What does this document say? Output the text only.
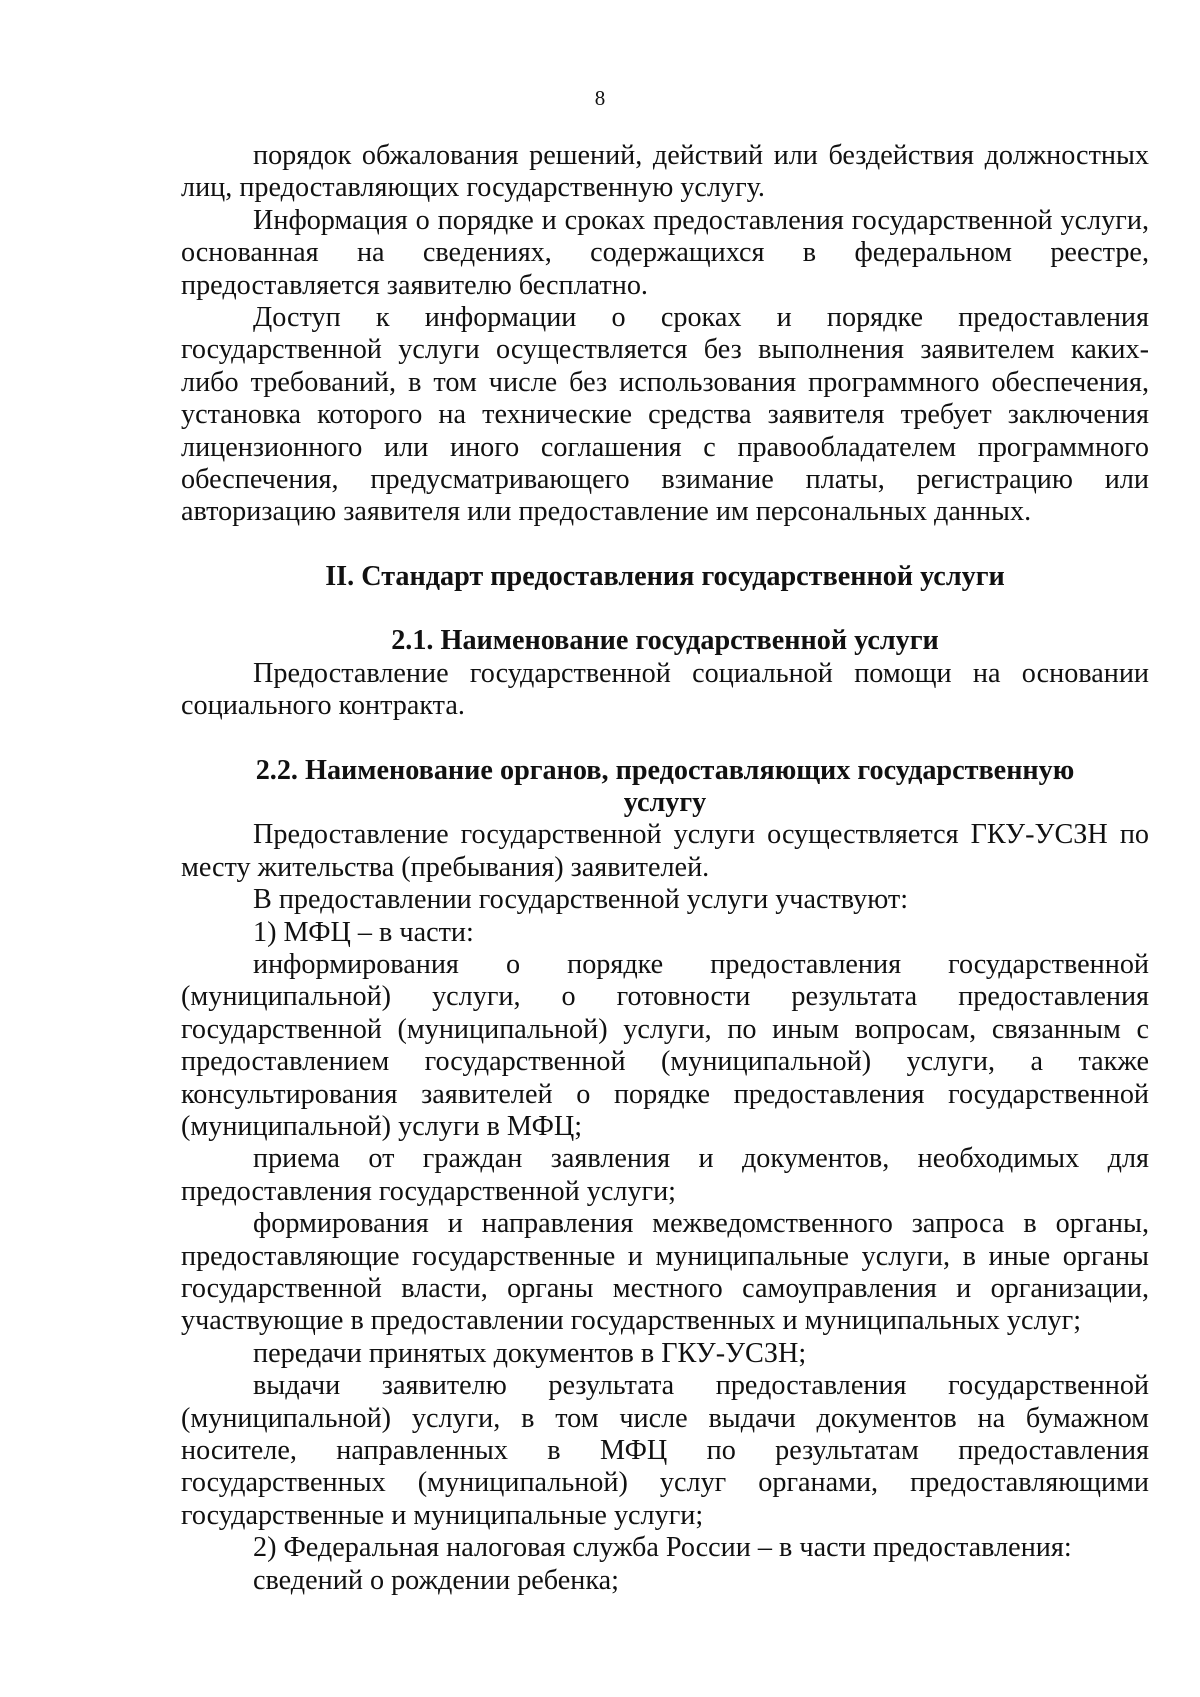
8

порядок обжалования решений, действий или бездействия должностных лиц, предоставляющих государственную услугу.

Информация о порядке и сроках предоставления государственной услуги, основанная на сведениях, содержащихся в федеральном реестре, предоставляется заявителю бесплатно.

Доступ к информации о сроках и порядке предоставления государственной услуги осуществляется без выполнения заявителем каких-либо требований, в том числе без использования программного обеспечения, установка которого на технические средства заявителя требует заключения лицензионного или иного соглашения с правообладателем программного обеспечения, предусматривающего взимание платы, регистрацию или авторизацию заявителя или предоставление им персональных данных.

II. Стандарт предоставления государственной услуги
2.1. Наименование государственной услуги

Предоставление государственной социальной помощи на основании социального контракта.

2.2. Наименование органов, предоставляющих государственную услугу

Предоставление государственной услуги осуществляется ГКУ-УСЗН по месту жительства (пребывания) заявителей.

В предоставлении государственной услуги участвуют:

1) МФЦ – в части:

информирования о порядке предоставления государственной (муниципальной) услуги, о готовности результата предоставления государственной (муниципальной) услуги, по иным вопросам, связанным с предоставлением государственной (муниципальной) услуги, а также консультирования заявителей о порядке предоставления государственной (муниципальной) услуги в МФЦ;

приема от граждан заявления и документов, необходимых для предоставления государственной услуги;

формирования и направления межведомственного запроса в органы, предоставляющие государственные и муниципальные услуги, в иные органы государственной власти, органы местного самоуправления и организации, участвующие в предоставлении государственных и муниципальных услуг;

передачи принятых документов в ГКУ-УСЗН;

выдачи заявителю результата предоставления государственной (муниципальной) услуги, в том числе выдачи документов на бумажном носителе, направленных в МФЦ по результатам предоставления государственных (муниципальной) услуг органами, предоставляющими государственные и муниципальные услуги;

2) Федеральная налоговая служба России – в части предоставления:

сведений о рождении ребенка;
